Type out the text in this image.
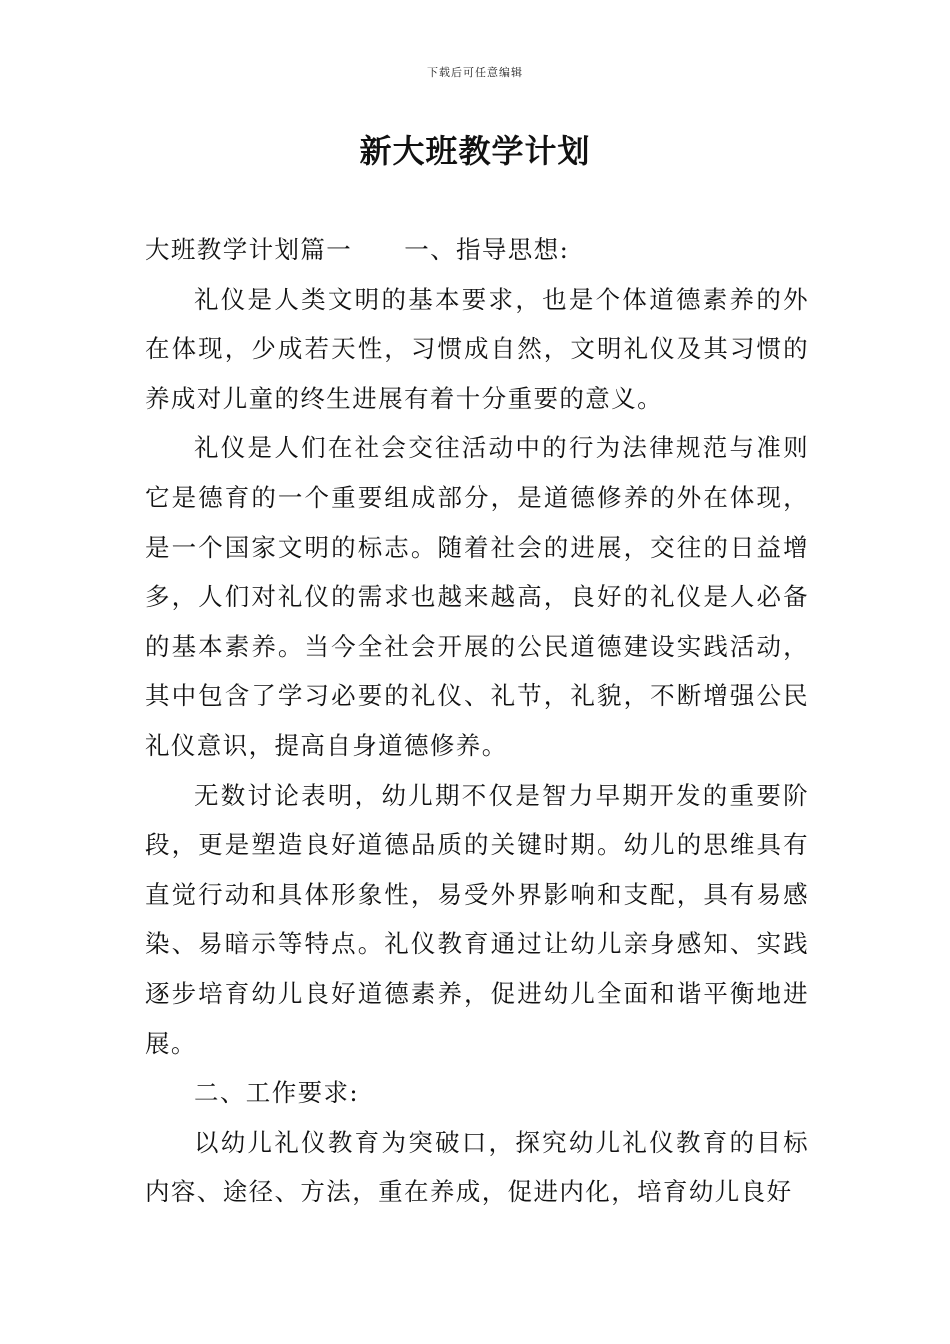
下载后可任意编辑
新大班教学计划

大班教学计划篇一 一、指导思想:

礼仪是人类文明的基本要求，也是个体道德素养的外在体现，少成若天性，习惯成自然，文明礼仪及其习惯的养成对儿童的终生进展有着十分重要的意义。

礼仪是人们在社会交往活动中的行为法律规范与准则它是德育的一个重要组成部分，是道德修养的外在体现，是一个国家文明的标志。随着社会的进展，交往的日益增多，人们对礼仪的需求也越来越高，良好的礼仪是人必备的基本素养。当今全社会开展的公民道德建设实践活动，其中包含了学习必要的礼仪、礼节，礼貌，不断增强公民礼仪意识，提高自身道德修养。

无数讨论表明，幼儿期不仅是智力早期开发的重要阶段，更是塑造良好道德品质的关键时期。幼儿的思维具有直觉行动和具体形象性，易受外界影响和支配，具有易感染、易暗示等特点。礼仪教育通过让幼儿亲身感知、实践逐步培育幼儿良好道德素养，促进幼儿全面和谐平衡地进展。

二、工作要求:

以幼儿礼仪教育为突破口，探究幼儿礼仪教育的目标内容、途径、方法，重在养成，促进内化，培育幼儿良好
